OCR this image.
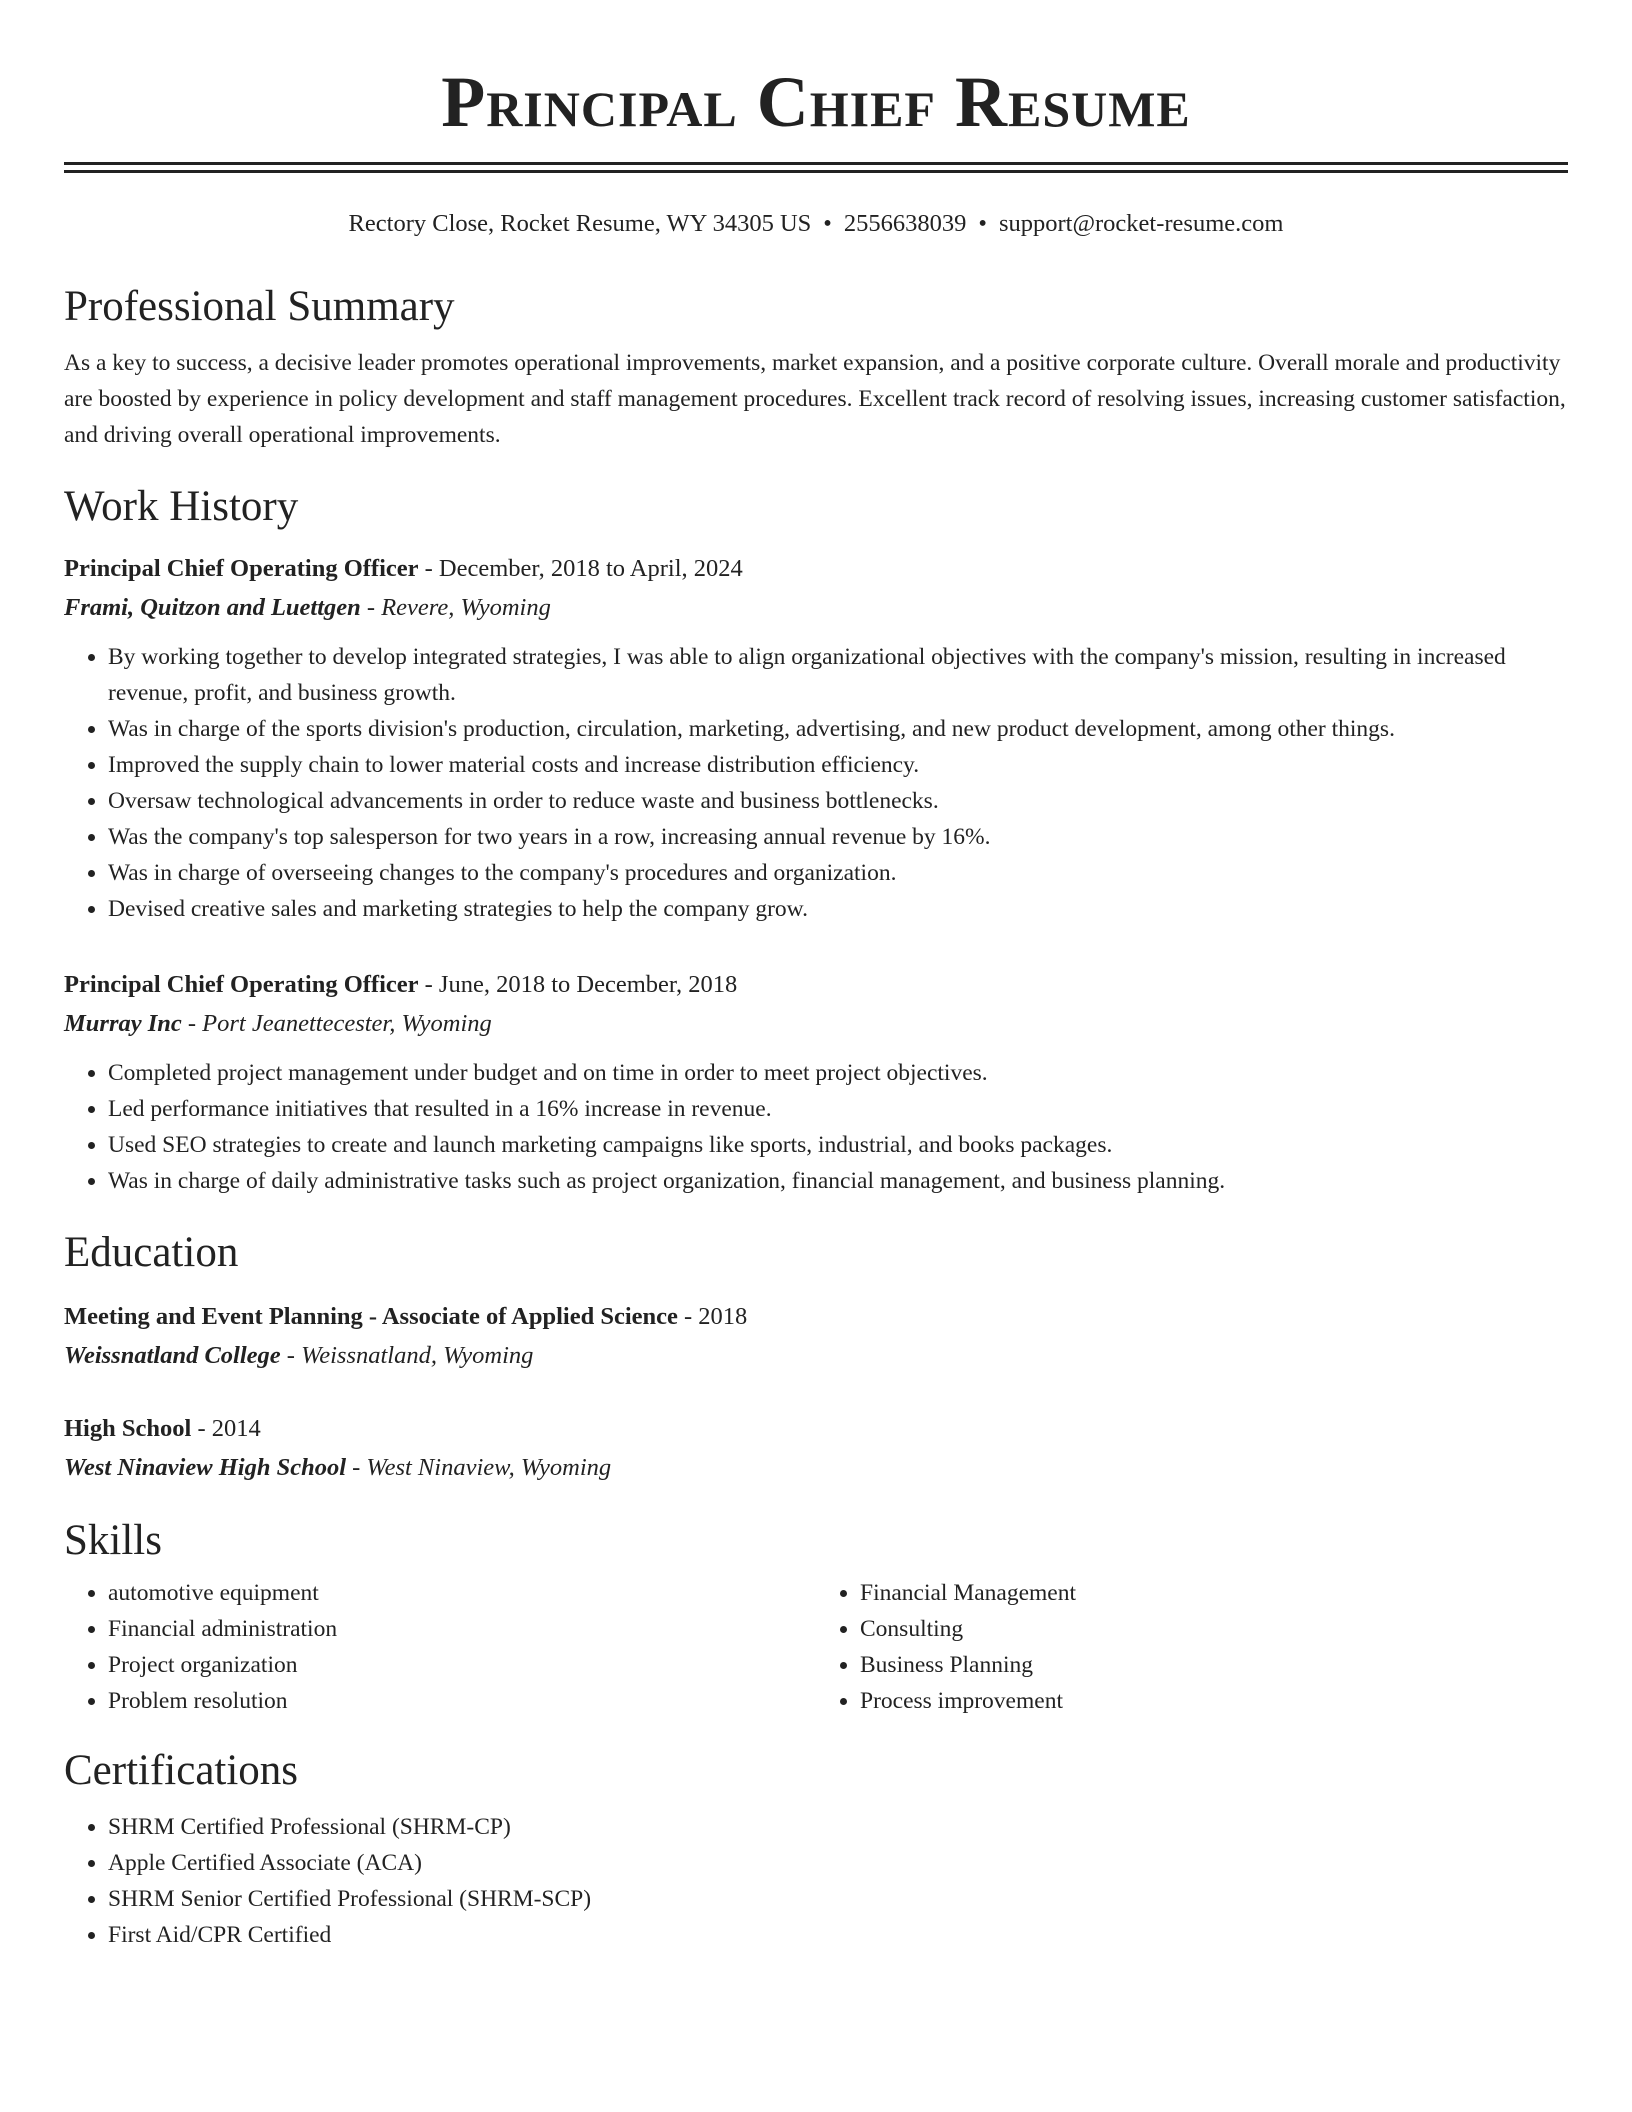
Principal Chief Resume
Rectory Close, Rocket Resume, WY 34305 US • 2556638039 • support@rocket-resume.com
Professional Summary

As a key to success, a decisive leader promotes operational improvements, market expansion, and a positive corporate culture. Overall morale and productivity are boosted by experience in policy development and staff management procedures. Excellent track record of resolving issues, increasing customer satisfaction, and driving overall operational improvements.

Work History
Principal Chief Operating Officer - December, 2018 to April, 2024
Frami, Quitzon and Luettgen - Revere, Wyoming
• By working together to develop integrated strategies, I was able to align organizational objectives with the company's mission, resulting in increased revenue, profit, and business growth.
• Was in charge of the sports division's production, circulation, marketing, advertising, and new product development, among other things.
• Improved the supply chain to lower material costs and increase distribution efficiency.
• Oversaw technological advancements in order to reduce waste and business bottlenecks.
• Was the company's top salesperson for two years in a row, increasing annual revenue by 16%.
• Was in charge of overseeing changes to the company's procedures and organization.
• Devised creative sales and marketing strategies to help the company grow.
Principal Chief Operating Officer - June, 2018 to December, 2018
Murray Inc - Port Jeanettecester, Wyoming
• Completed project management under budget and on time in order to meet project objectives.
• Led performance initiatives that resulted in a 16% increase in revenue.
• Used SEO strategies to create and launch marketing campaigns like sports, industrial, and books packages.
• Was in charge of daily administrative tasks such as project organization, financial management, and business planning.
Education
Meeting and Event Planning - Associate of Applied Science - 2018
Weissnatland College - Weissnatland, Wyoming
High School - 2014
West Ninaview High School - West Ninaview, Wyoming
Skills
• automotive equipment
• Financial administration
• Project organization
• Problem resolution
• Financial Management
• Consulting
• Business Planning
• Process improvement
Certifications
• SHRM Certified Professional (SHRM-CP)
• Apple Certified Associate (ACA)
• SHRM Senior Certified Professional (SHRM-SCP)
• First Aid/CPR Certified
